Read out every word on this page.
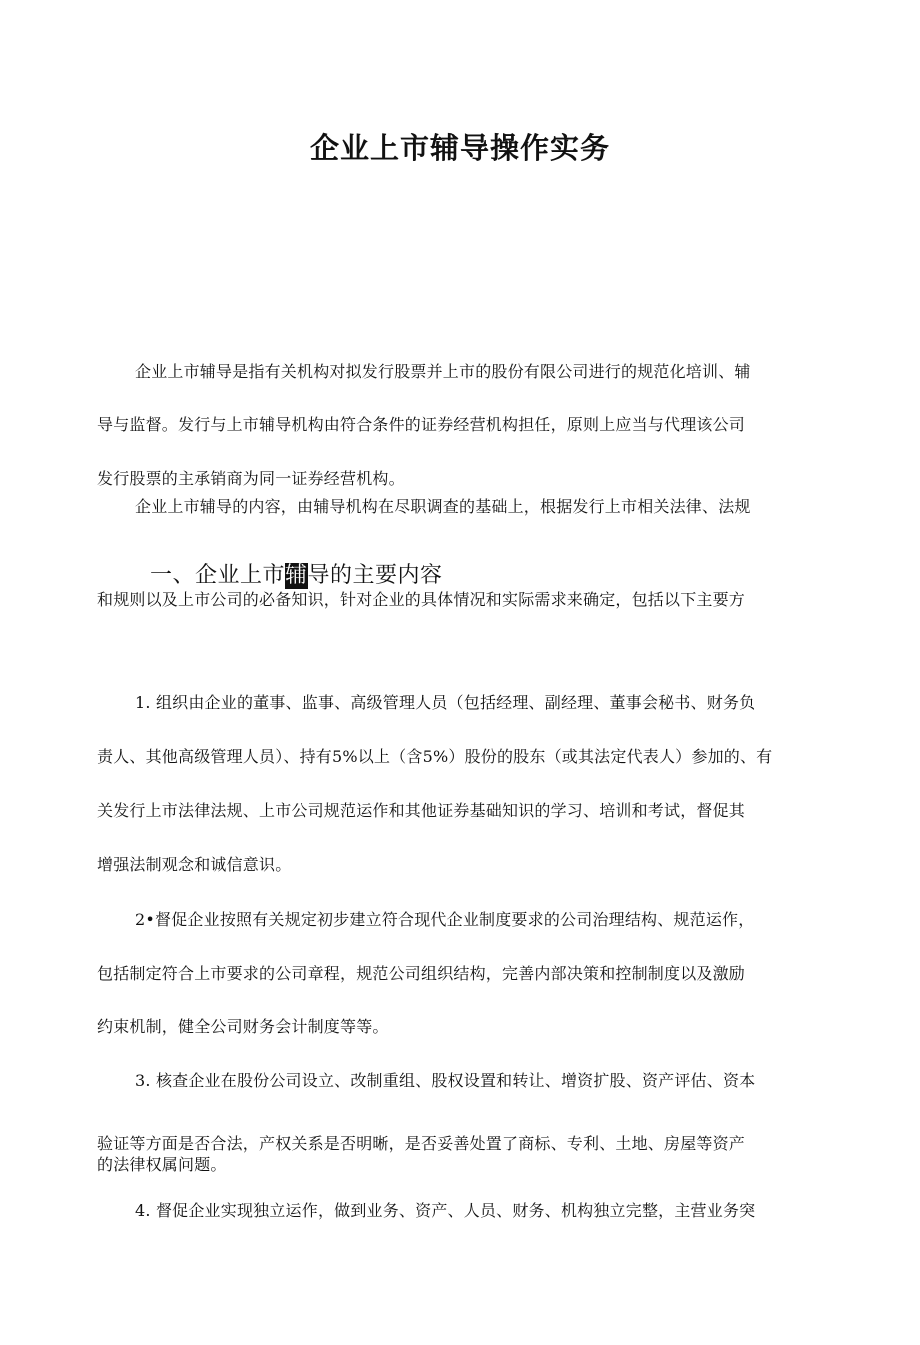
企业上市辅导操作实务
企业上市辅导是指有关机构对拟发行股票并上市的股份有限公司进行的规范化培训、辅
导与监督。发行与上市辅导机构由符合条件的证券经营机构担任，原则上应当与代理该公司
发行股票的主承销商为同一证券经营机构。
企业上市辅导的内容，由辅导机构在尽职调查的基础上，根据发行上市相关法律、法规
一、企业上市辅导的主要内容
和规则以及上市公司的必备知识，针对企业的具体情况和实际需求来确定，包括以下主要方
1. 组织由企业的董事、监事、高级管理人员（包括经理、副经理、董事会秘书、财务负
责人、其他高级管理人员）、持有5%以上（含5%）股份的股东（或其法定代表人）参加的、有
关发行上市法律法规、上市公司规范运作和其他证券基础知识的学习、培训和考试，督促其
增强法制观念和诚信意识。
2•督促企业按照有关规定初步建立符合现代企业制度要求的公司治理结构、规范运作，
包括制定符合上市要求的公司章程，规范公司组织结构，完善内部决策和控制制度以及激励
约束机制，健全公司财务会计制度等等。
3. 核查企业在股份公司设立、改制重组、股权设置和转让、增资扩股、资产评估、资本
验证等方面是否合法，产权关系是否明晰，是否妥善处置了商标、专利、土地、房屋等资产
的法律权属问题。
4. 督促企业实现独立运作，做到业务、资产、人员、财务、机构独立完整，主营业务突
